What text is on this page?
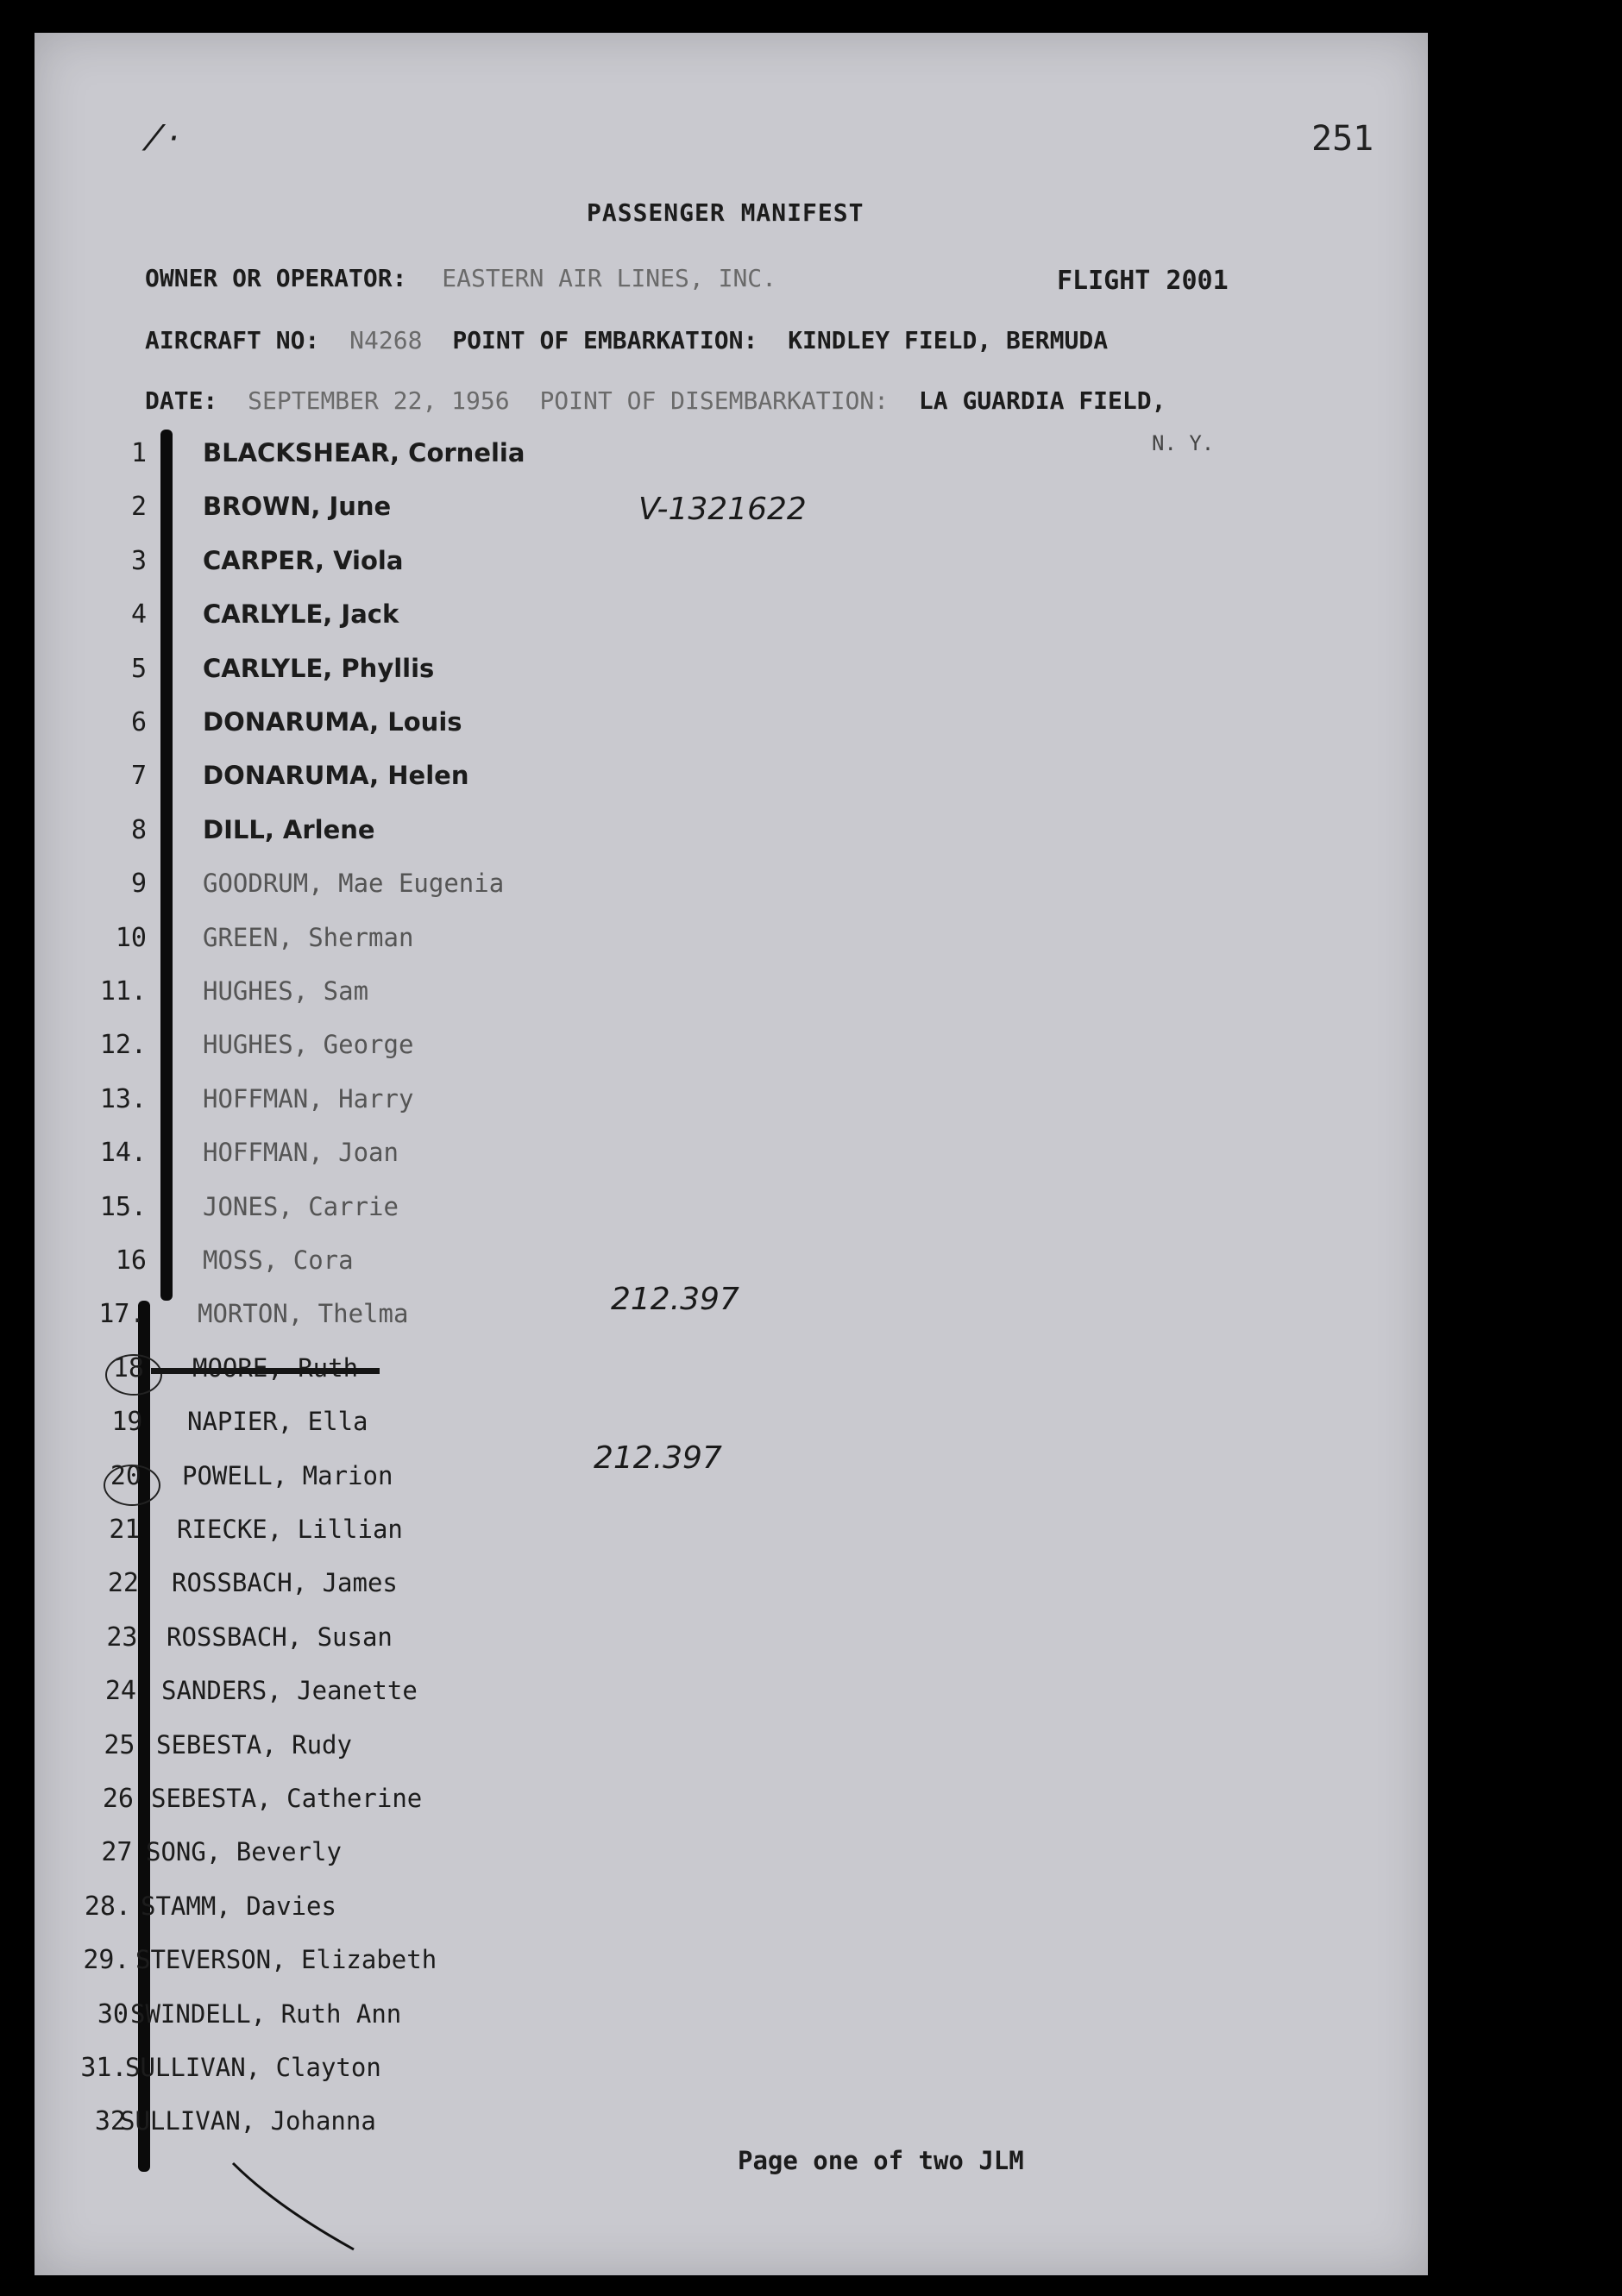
251
⁄ ·
PASSENGER MANIFEST
OWNER OR OPERATOR: EASTERN AIR LINES, INC.	FLIGHT 2001
AIRCRAFT NO: N4268 POINT OF EMBARKATION: KINDLEY FIELD, BERMUDA
DATE: SEPTEMBER 22, 1956 POINT OF DISEMBARKATION: LA GUARDIA FIELD,
N. Y.
1 BLACKSHEAR, Cornelia
2 BROWN, June
3 CARPER, Viola
4 CARLYLE, Jack
5 CARLYLE, Phyllis
6 DONARUMA, Louis
7 DONARUMA, Helen
8 DILL, Arlene
9 GOODRUM, Mae Eugenia
10 GREEN, Sherman
11. HUGHES, Sam
12. HUGHES, George
13. HOFFMAN, Harry
14. HOFFMAN, Joan
15. JONES, Carrie
16 MOSS, Cora
17. MORTON, Thelma
18
19 NAPIER, Ella
20 POWELL, Marion
21 RIECKE, Lillian
22 ROSSBACH, James
23 ROSSBACH, Susan
24 SANDERS, Jeanette
25 SEBESTA, Rudy
26 SEBESTA, Catherine
27 SONG, Beverly
28. STAMM, Davies
29. STEVERSON, Elizabeth
30 SWINDELL, Ruth Ann
31.
SULLIVAN, Clayton
32
SULLIVAN, Johanna
V-1321622
212.397
212.397
Page one of two JLM
